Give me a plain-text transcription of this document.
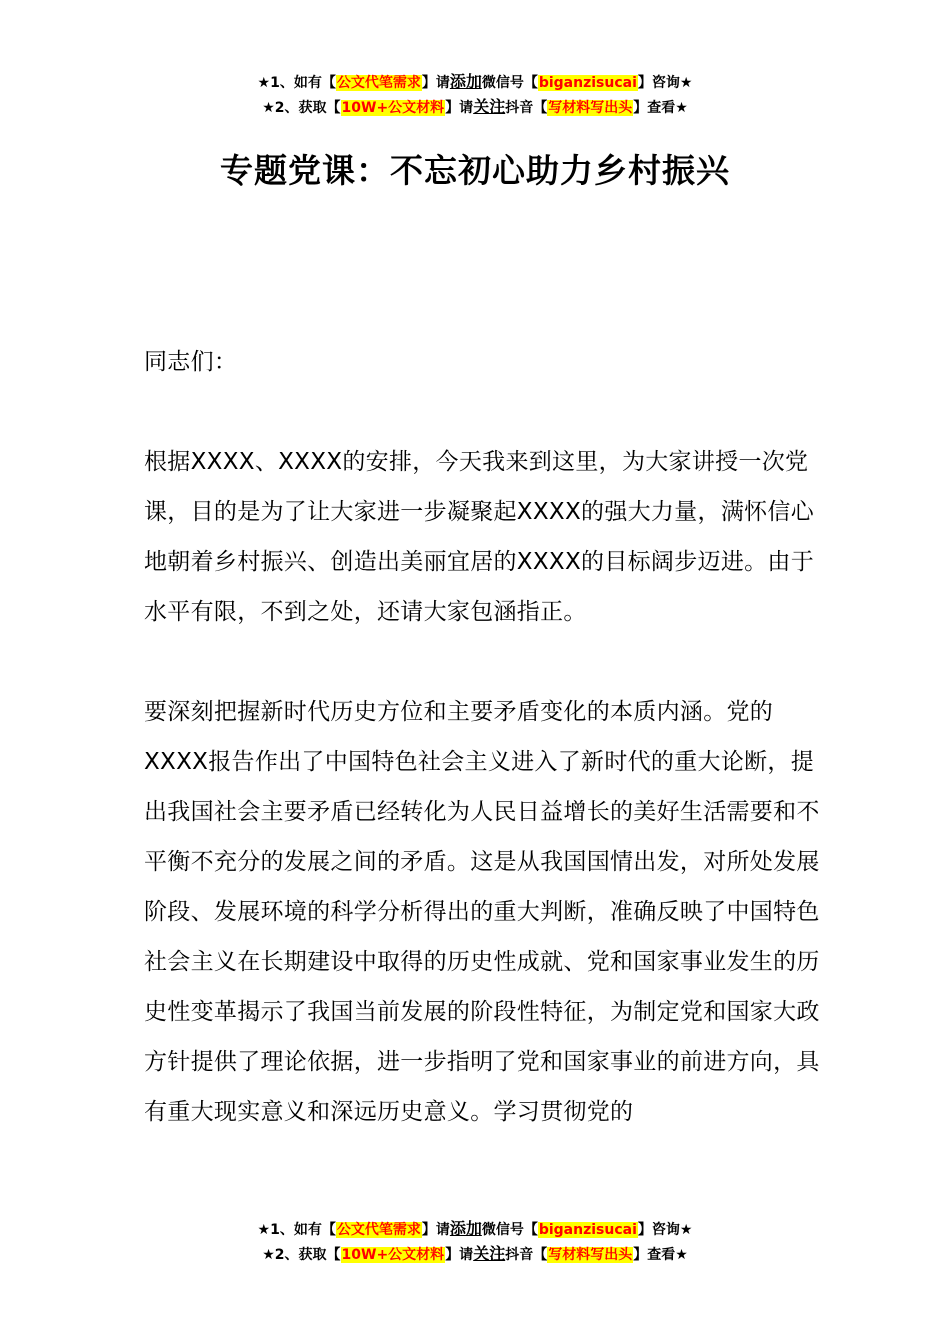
★1、如有【公文代笔需求】请添加微信号【biganzisucai】咨询★
★2、获取【10W+公文材料】请关注抖音【写材料写出头】查看★
专题党课：不忘初心助力乡村振兴

同志们：

根据XXXX、XXXX的安排，今天我来到这里，为大家讲授一次党课，目的是为了让大家进一步凝聚起XXXX的强大力量，满怀信心地朝着乡村振兴、创造出美丽宜居的XXXX的目标阔步迈进。由于水平有限，不到之处，还请大家包涵指正。

要深刻把握新时代历史方位和主要矛盾变化的本质内涵。党的XXXX报告作出了中国特色社会主义进入了新时代的重大论断，提出我国社会主要矛盾已经转化为人民日益增长的美好生活需要和不平衡不充分的发展之间的矛盾。这是从我国国情出发，对所处发展阶段、发展环境的科学分析得出的重大判断，准确反映了中国特色社会主义在长期建设中取得的历史性成就、党和国家事业发生的历史性变革揭示了我国当前发展的阶段性特征，为制定党和国家大政方针提供了理论依据，进一步指明了党和国家事业的前进方向，具有重大现实意义和深远历史意义。学习贯彻党的

★1、如有【公文代笔需求】请添加微信号【biganzisucai】咨询★
★2、获取【10W+公文材料】请关注抖音【写材料写出头】查看★
